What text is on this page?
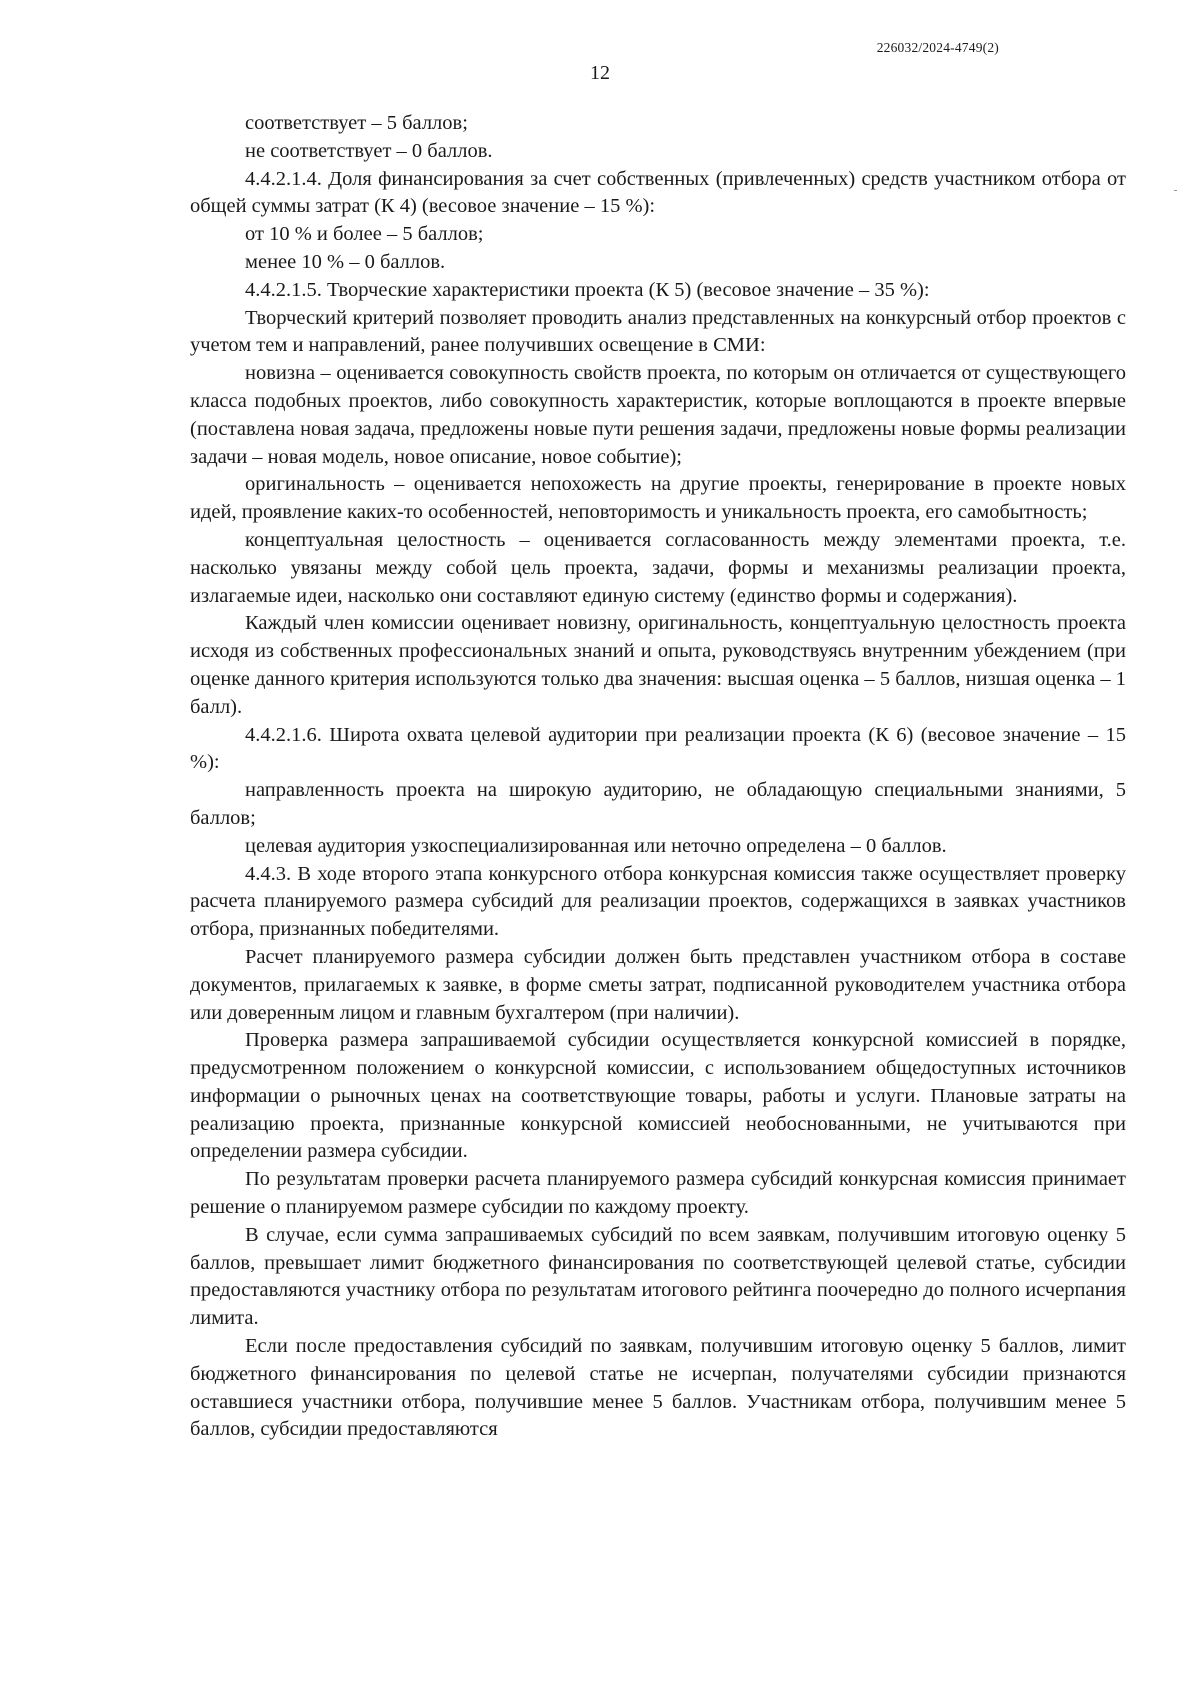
226032/2024-4749(2)
12

соответствует – 5 баллов;

не соответствует – 0 баллов.

4.4.2.1.4. Доля финансирования за счет собственных (привлеченных) средств участником отбора от общей суммы затрат (К 4) (весовое значение – 15 %):

от 10 % и более – 5 баллов;

менее 10 % – 0 баллов.

4.4.2.1.5. Творческие характеристики проекта (К 5) (весовое значение – 35 %):

Творческий критерий позволяет проводить анализ представленных на конкурсный отбор проектов с учетом тем и направлений, ранее получивших освещение в СМИ:

новизна – оценивается совокупность свойств проекта, по которым он отличается от существующего класса подобных проектов, либо совокупность характеристик, которые воплощаются в проекте впервые (поставлена новая задача, предложены новые пути решения задачи, предложены новые формы реализации задачи – новая модель, новое описание, новое событие);

оригинальность – оценивается непохожесть на другие проекты, генерирование в проекте новых идей, проявление каких-то особенностей, неповторимость и уникальность проекта, его самобытность;

концептуальная целостность – оценивается согласованность между элементами проекта, т.е. насколько увязаны между собой цель проекта, задачи, формы и механизмы реализации проекта, излагаемые идеи, насколько они составляют единую систему (единство формы и содержания).

Каждый член комиссии оценивает новизну, оригинальность, концептуальную целостность проекта исходя из собственных профессиональных знаний и опыта, руководствуясь внутренним убеждением (при оценке данного критерия используются только два значения: высшая оценка – 5 баллов, низшая оценка – 1 балл).

4.4.2.1.6. Широта охвата целевой аудитории при реализации проекта (К 6) (весовое значение – 15 %):

направленность проекта на широкую аудиторию, не обладающую специальными знаниями, 5 баллов;

целевая аудитория узкоспециализированная или неточно определена – 0 баллов.

4.4.3. В ходе второго этапа конкурсного отбора конкурсная комиссия также осуществляет проверку расчета планируемого размера субсидий для реализации проектов, содержащихся в заявках участников отбора, признанных победителями.

Расчет планируемого размера субсидии должен быть представлен участником отбора в составе документов, прилагаемых к заявке, в форме сметы затрат, подписанной руководителем участника отбора или доверенным лицом и главным бухгалтером (при наличии).

Проверка размера запрашиваемой субсидии осуществляется конкурсной комиссией в порядке, предусмотренном положением о конкурсной комиссии, с использованием общедоступных источников информации о рыночных ценах на соответствующие товары, работы и услуги. Плановые затраты на реализацию проекта, признанные конкурсной комиссией необоснованными, не учитываются при определении размера субсидии.

По результатам проверки расчета планируемого размера субсидий конкурсная комиссия принимает решение о планируемом размере субсидии по каждому проекту.

В случае, если сумма запрашиваемых субсидий по всем заявкам, получившим итоговую оценку 5 баллов, превышает лимит бюджетного финансирования по соответствующей целевой статье, субсидии предоставляются участнику отбора по результатам итогового рейтинга поочередно до полного исчерпания лимита.

Если после предоставления субсидий по заявкам, получившим итоговую оценку 5 баллов, лимит бюджетного финансирования по целевой статье не исчерпан, получателями субсидии признаются оставшиеся участники отбора, получившие менее 5 баллов. Участникам отбора, получившим менее 5 баллов, субсидии предоставляются
